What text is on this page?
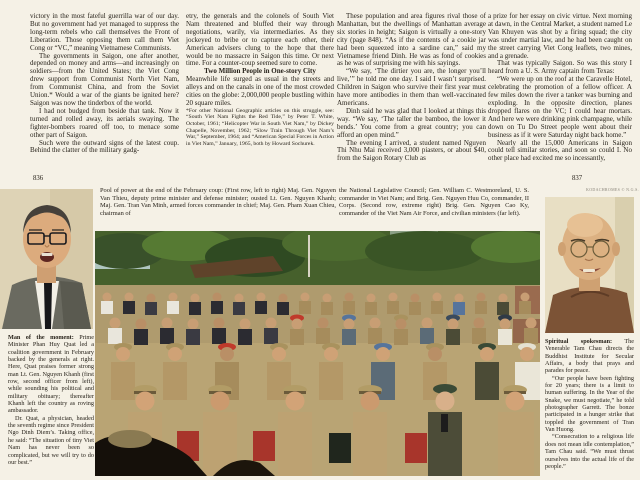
victory in the most fateful guerrilla war of our day. But no government had yet managed to suppress the long-term rebels who call themselves the Front of Liberation. Those opposing them call them Viet Cong or “VC,” meaning Vietnamese Communists.

The governments in Saigon, one after another, depended on money and arms—and increasingly on soldiers—from the United States; the Viet Cong drew support from Communist North Viet Nam, from Communist China, and from the Soviet Union.* Would a war of the giants be ignited here? Saigon was now the tinderbox of the world.

I had not budged from beside that tank. Now it turned and rolled away, its aerials swaying. The fighter-bombers roared off too, to menace some other part of Saigon.

Such were the outward signs of the latest coup. Behind the clatter of the military gadg-

etry, the generals and the colonels of South Viet Nam threatened and bluffed their way through negotiations, warily, via intermediaries. As they jockeyed to bribe or to capture each other, their American advisers clung to the hope that there would be no massacre in Saigon this time. Or next time. For a counter-coup seemed sure to come.

Two Million People in One-story City

Meanwhile life surged as usual in the streets and alleys and on the canals in one of the most crowded cities on the globe: 2,000,000 people bustling within 20 square miles.

*For other National Geographic articles on this struggle, see: “South Viet Nam Fights the Red Tide,” by Peter T. White, October, 1961; “Helicopter War in South Viet Nam,” by Dickey Chapelle, November, 1962; “Slow Train Through Viet Nam’s War,” September, 1964; and “American Special Forces in Action in Viet Nam,” January, 1965, both by Howard Sochurek.

These population and area figures rival those of Manhattan, but the dwellings of Manhattan average six stories in height; Saigon is virtually a one-story city (page 848). “As if the contents of a cookie jar had been squeezed into a sardine can,” said my Vietnamese friend Dinh. He was as fond of cookies as he was of surprising me with his sayings.

“We say, ‘The dirtier you are, the longer you’ll live,’” he told me one day. I said I wasn’t surprised. Children in Saigon who survive their first year must have more antibodies in them than well-vaccinated Americans.

Dinh said he was glad that I looked at things this way. “We say, ‘The taller the bamboo, the lower it bends.’ You come from a great country; you can afford an open mind.”

The evening I arrived, a student named Nguyen Thi Nhu Mai received 3,000 piasters, or about $40, from the Saigon Rotary Club as

a prize for her essay on civic virtue. Next morning at dawn, in the Central Market, a student named Le Van Khuyen was shot by a firing squad; the city was under martial law, and he had been caught on the street carrying Viet Cong leaflets, two mines, and a grenade.

That was typically Saigon. So was this story I heard from a U. S. Army captain from Texas:

“We were up on the roof at the Caravelle Hotel, celebrating the promotion of a fellow officer. A few miles down the river a tanker was burning and exploding. In the opposite direction, planes dropped flares on the VC; I could hear mortars. And here we were drinking pink champagne, while down on Tu Do Street people went about their business as if it were Saturday night back home.”

Nearly all the 15,000 Americans in Saigon could tell similar stories, and soon so could I. No other place had excited me so incessantly,

836	837
KODACHROMES © N.G.S.
Pool of power at the end of the February coup: (First row, left to right) Maj. Gen. Nguyen Van Thieu, deputy prime minister and defense minister; ousted Lt. Gen. Nguyen Khanh; Maj. Gen. Tran Van Minh, armed forces commander in chief; Maj. Gen. Pham Xuan Chieu, chairman of
the National Legislative Council; Gen. William C. Westmoreland, U. S. commander in Viet Nam; and Brig. Gen. Nguyen Huu Co, commander, II Corps. (Second row, extreme right) Brig. Gen. Nguyen Cao Ky, commander of the Viet Nam Air Force, and civilian ministers (far left).

Man of the moment: Prime Minister Phan Huy Quat led a coalition government in February backed by the generals at right. Here, Quat praises former strong man Lt. Gen. Nguyen Khanh (first row, second officer from left), while sounding his political and military obituary; thereafter Khanh left the country as roving ambassador.

Dr. Quat, a physician, headed the seventh regime since President Ngo Dinh Diem’s. Taking office, he said: “The situation of tiny Viet Nam has never been so complicated, but we will try to do our best.”

Spiritual spokesman: The Venerable Tam Chau directs the Buddhist Institute for Secular Affairs, a body that prays and parades for peace.

“Our people have been fighting for 20 years; there is a limit to human suffering. In the Year of the Snake, we must negotiate,” he told photographer Garrett. The bonze participated in a hunger strike that toppled the government of Tran Van Huong.

“Consecration to a religious life does not mean idle contemplation,” Tam Chau said. “We must thrust ourselves into the actual life of the people.”
